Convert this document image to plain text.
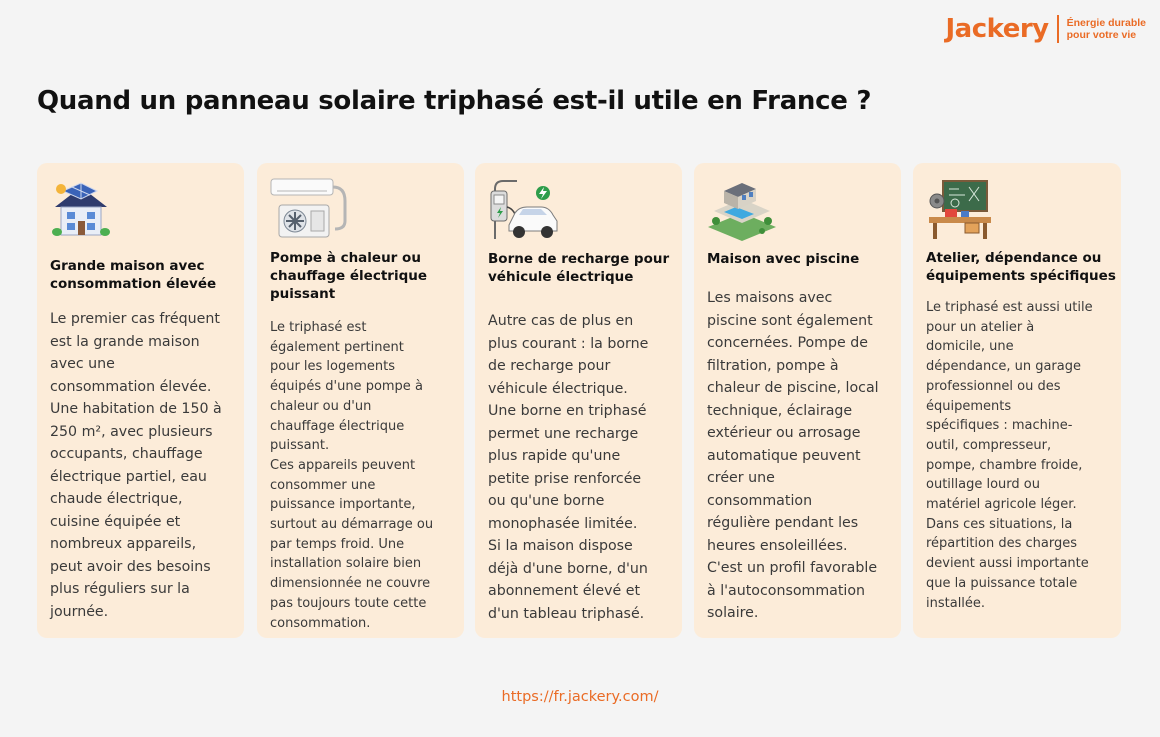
Jackery Énergie durable
pour votre vie
Quand un panneau solaire triphasé est-il utile en France ?
Grande maison avec
consommation élevée

Le premier cas fréquent

est la grande maison

avec une

consommation élevée.

Une habitation de 150 à

250 m², avec plusieurs

occupants, chauffage

électrique partiel, eau

chaude électrique,

cuisine équipée et

nombreux appareils,

peut avoir des besoins

plus réguliers sur la

journée.

Pompe à chaleur ou
chauffage électrique
puissant

Le triphasé est

également pertinent

pour les logements

équipés d'une pompe à

chaleur ou d'un

chauffage électrique

puissant.

Ces appareils peuvent

consommer une

puissance importante,

surtout au démarrage ou

par temps froid. Une

installation solaire bien

dimensionnée ne couvre

pas toujours toute cette

consommation.

Borne de recharge pour
véhicule électrique

Autre cas de plus en

plus courant : la borne

de recharge pour

véhicule électrique.

Une borne en triphasé

permet une recharge

plus rapide qu'une

petite prise renforcée

ou qu'une borne

monophasée limitée.

Si la maison dispose

déjà d'une borne, d'un

abonnement élevé et

d'un tableau triphasé.

Maison avec piscine

Les maisons avec

piscine sont également

concernées. Pompe de

filtration, pompe à

chaleur de piscine, local

technique, éclairage

extérieur ou arrosage

automatique peuvent

créer une

consommation

régulière pendant les

heures ensoleillées.

C'est un profil favorable

à l'autoconsommation

solaire.

Atelier, dépendance ou
équipements spécifiques

Le triphasé est aussi utile

pour un atelier à

domicile, une

dépendance, un garage

professionnel ou des

équipements

spécifiques : machine-

outil, compresseur,

pompe, chambre froide,

outillage lourd ou

matériel agricole léger.

Dans ces situations, la

répartition des charges

devient aussi importante

que la puissance totale

installée.

https://fr.jackery.com/
